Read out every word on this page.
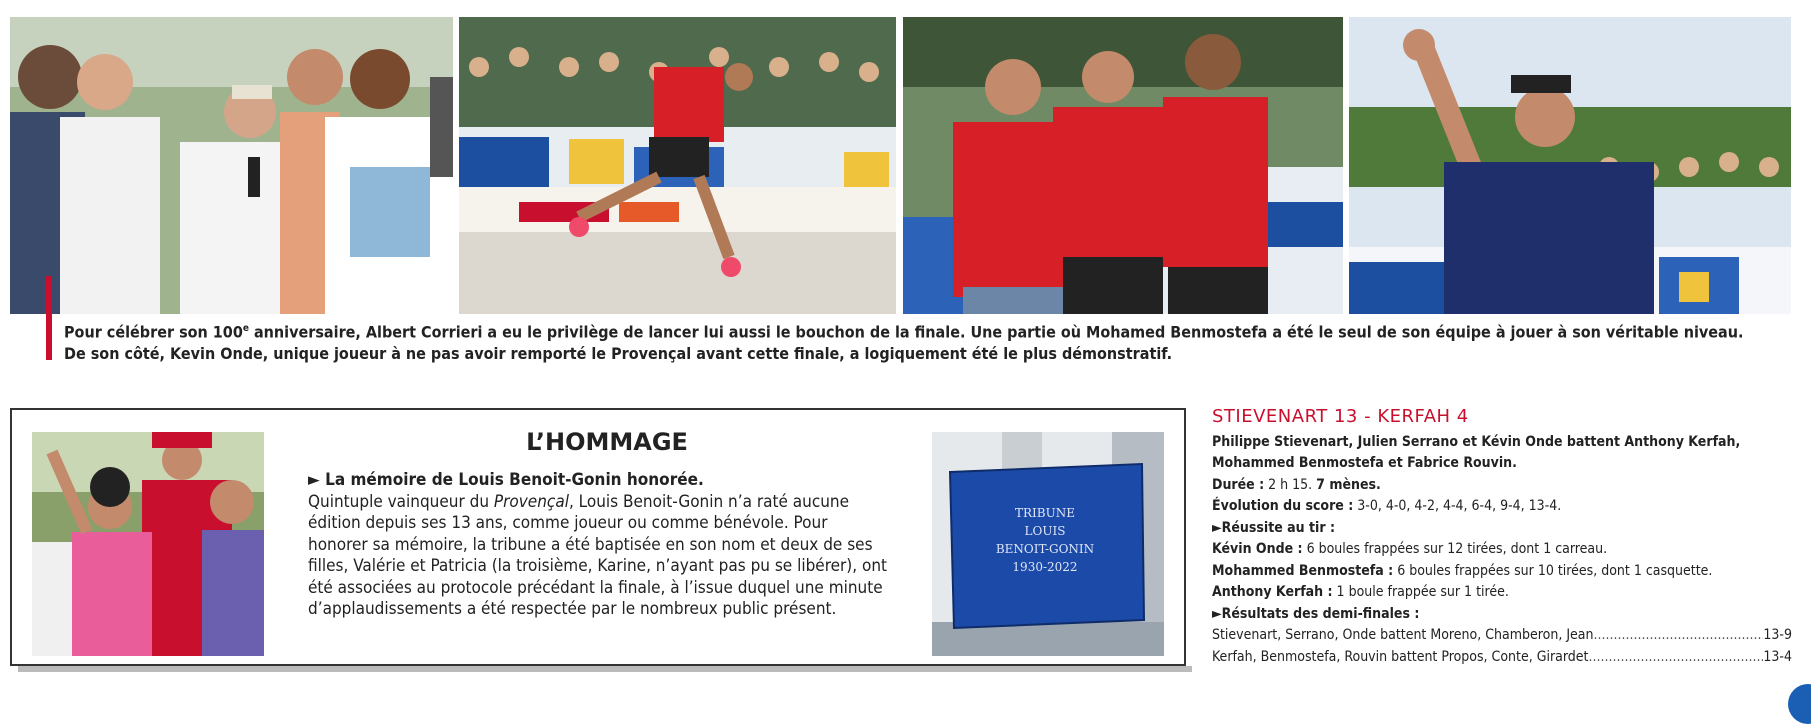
Pour célébrer son 100e anniversaire, Albert Corrieri a eu le privilège de lancer lui aussi le bouchon de la finale. Une partie où Mohamed Benmostefa a été le seul de son équipe à jouer à son véritable niveau.
De son côté, Kevin Onde, unique joueur à ne pas avoir remporté le Provençal avant cette finale, a logiquement été le plus démonstratif.
L’HOMMAGE
► La mémoire de Louis Benoit-Gonin honorée.
Quintuple vainqueur du Provençal, Louis Benoit-Gonin n’a raté aucune édition depuis ses 13 ans, comme joueur ou comme bénévole. Pour honorer sa mémoire, la tribune a été baptisée en son nom et deux de ses filles, Valérie et Patricia (la troisième, Karine, n’ayant pas pu se libérer), ont été associées au protocole précédant la finale, à l’issue duquel une minute d’applaudissements a été respectée par le nombreux public présent.
TRIBUNE
LOUIS
BENOIT-GONIN
1930-2022
STIEVENART 13 - KERFAH 4
Philippe Stievenart, Julien Serrano et Kévin Onde battent Anthony Kerfah, Mohammed Benmostefa et Fabrice Rouvin.
Durée : 2 h 15. 7 mènes.
Évolution du score : 3-0, 4-0, 4-2, 4-4, 6-4, 9-4, 13-4.
►Réussite au tir :
Kévin Onde : 6 boules frappées sur 12 tirées, dont 1 carreau.
Mohammed Benmostefa : 6 boules frappées sur 10 tirées, dont 1 casquette.
Anthony Kerfah : 1 boule frappée sur 1 tirée.
►Résultats des demi-finales :
Stievenart, Serrano, Onde battent Moreno, Chamberon, Jean .....	13-9
Kerfah, Benmostefa, Rouvin battent Propos, Conte, Girardet .....	13-4
